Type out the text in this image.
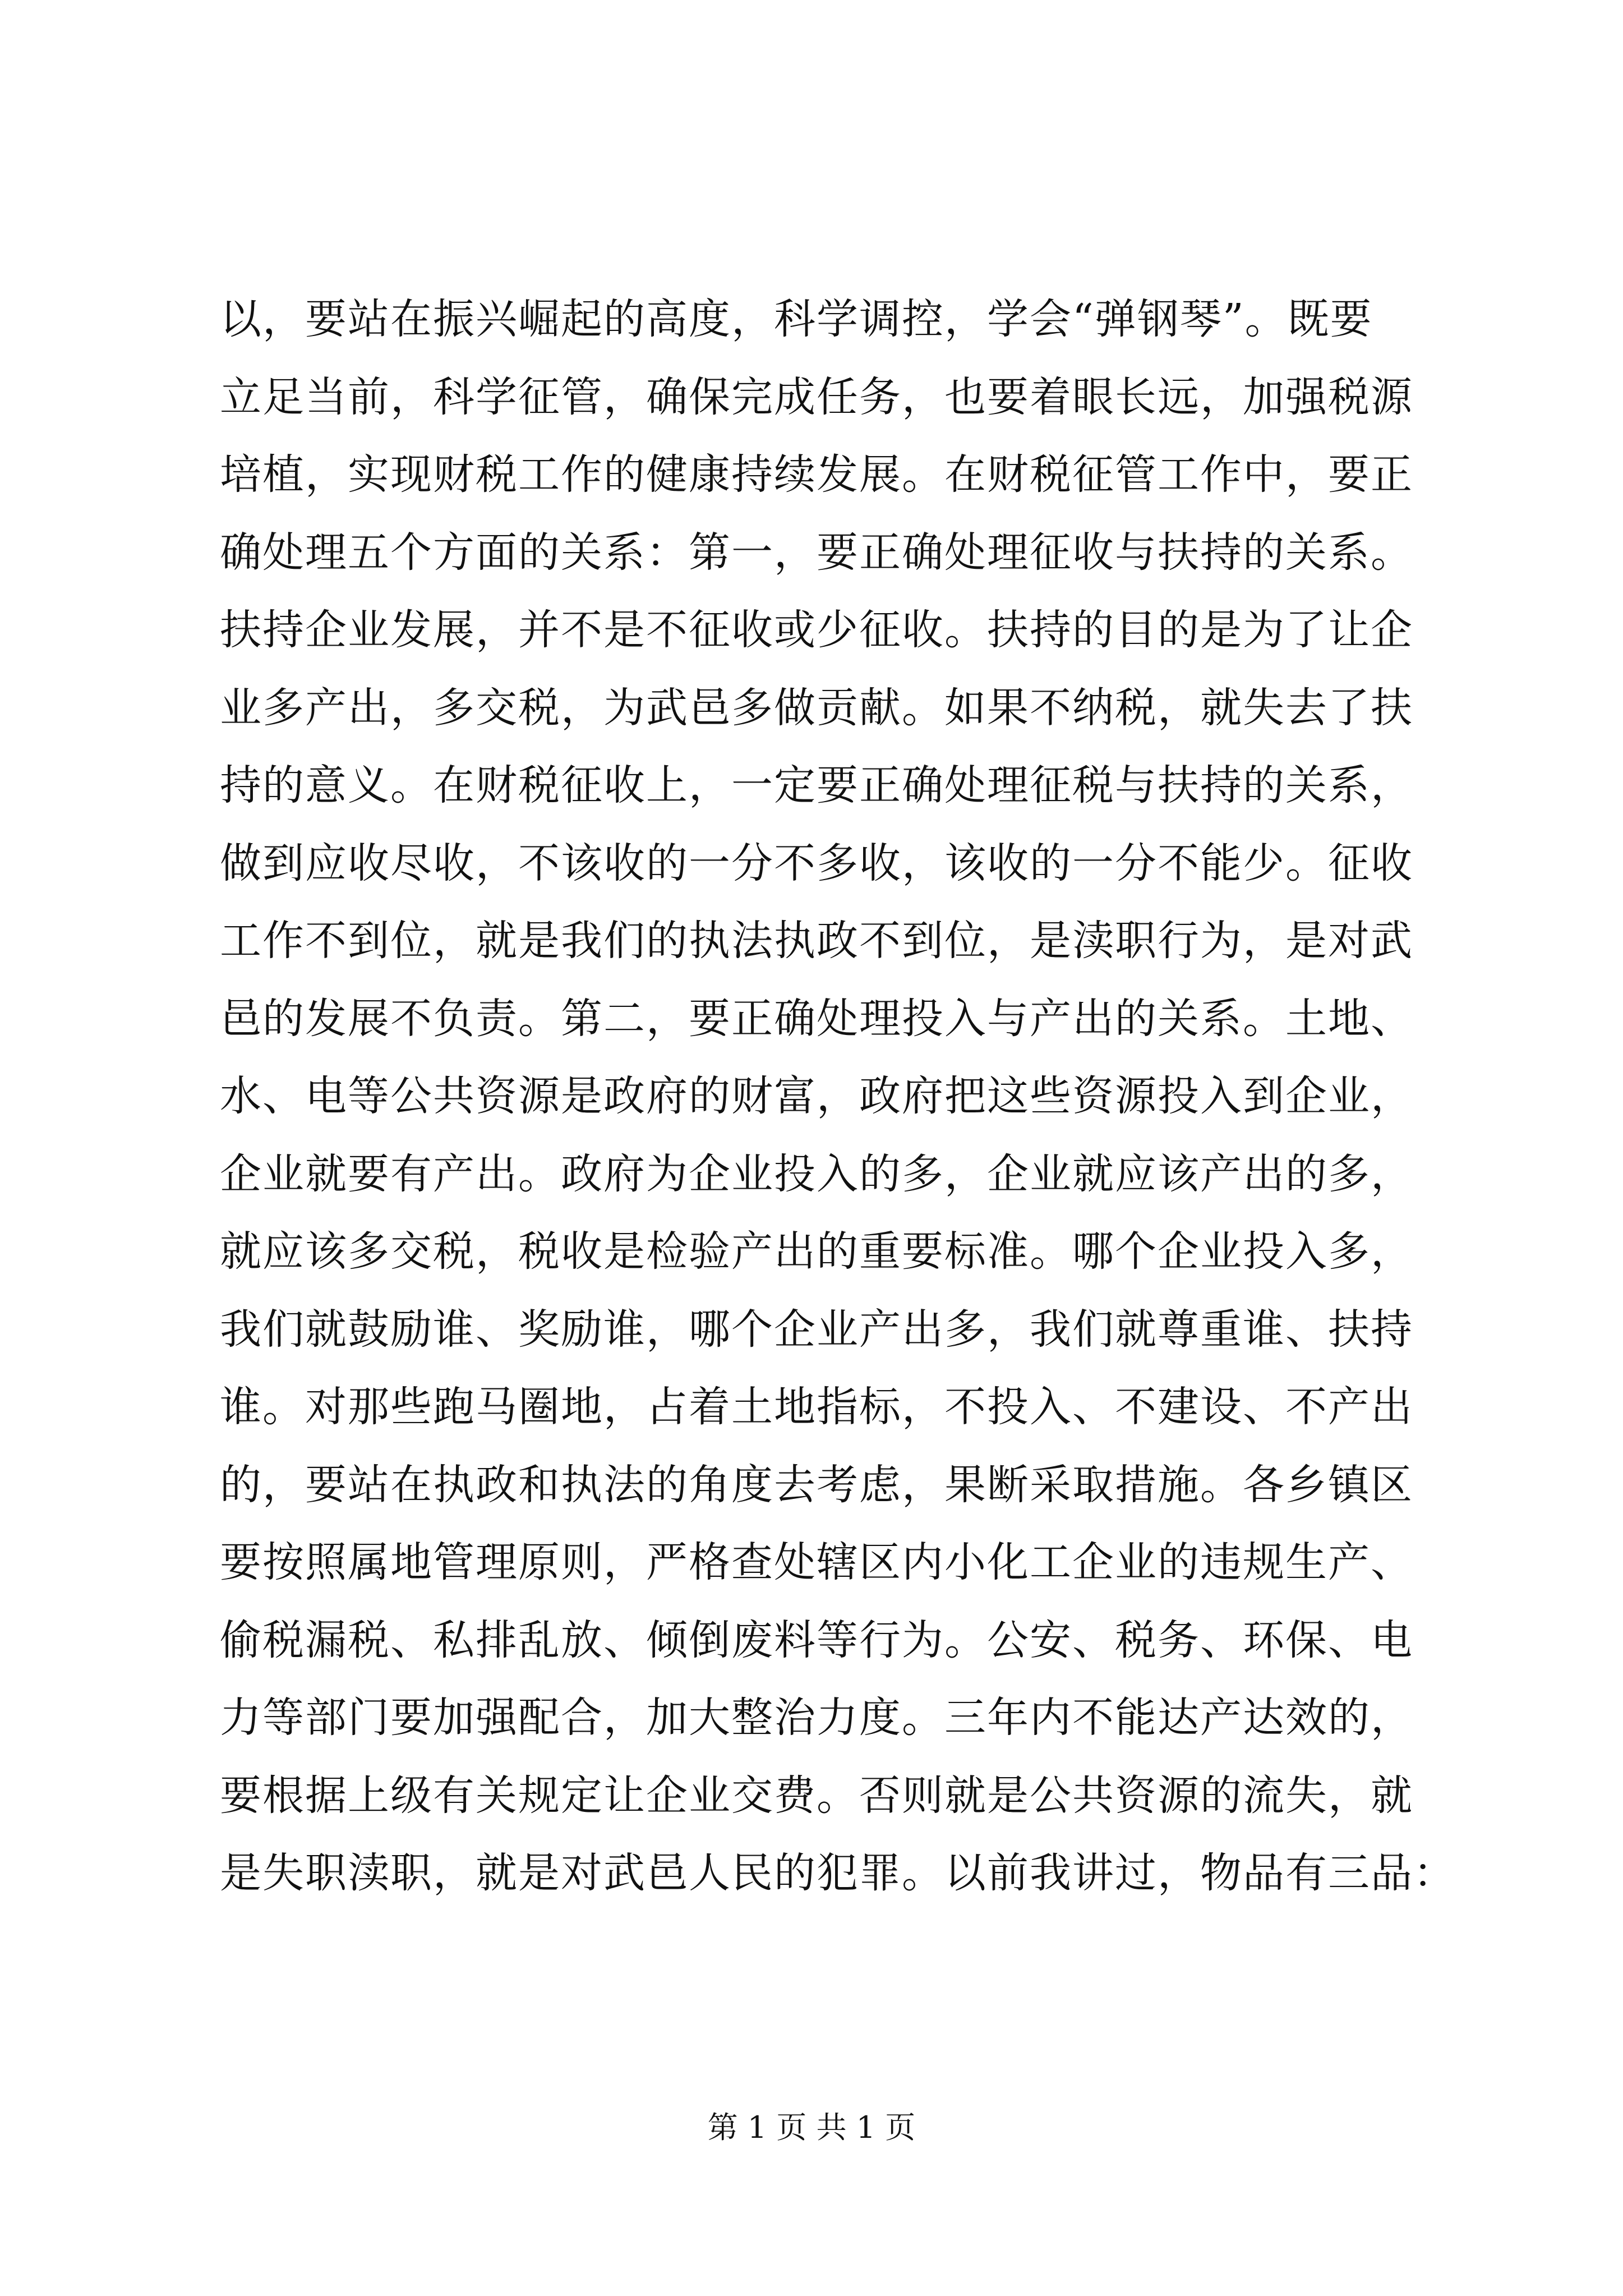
以，要站在振兴崛起的高度，科学调控，学会“弹钢琴”。既要
立足当前，科学征管，确保完成任务，也要着眼长远，加强税源
培植，实现财税工作的健康持续发展。在财税征管工作中，要正
确处理五个方面的关系：第一，要正确处理征收与扶持的关系。
扶持企业发展，并不是不征收或少征收。扶持的目的是为了让企
业多产出，多交税，为武邑多做贡献。如果不纳税，就失去了扶
持的意义。在财税征收上，一定要正确处理征税与扶持的关系，
做到应收尽收，不该收的一分不多收，该收的一分不能少。征收
工作不到位，就是我们的执法执政不到位，是渎职行为，是对武
邑的发展不负责。第二，要正确处理投入与产出的关系。土地、
水、电等公共资源是政府的财富，政府把这些资源投入到企业，
企业就要有产出。政府为企业投入的多，企业就应该产出的多，
就应该多交税，税收是检验产出的重要标准。哪个企业投入多，
我们就鼓励谁、奖励谁，哪个企业产出多，我们就尊重谁、扶持
谁。对那些跑马圈地，占着土地指标，不投入、不建设、不产出
的，要站在执政和执法的角度去考虑，果断采取措施。各乡镇区
要按照属地管理原则，严格查处辖区内小化工企业的违规生产、
偷税漏税、私排乱放、倾倒废料等行为。公安、税务、环保、电
力等部门要加强配合，加大整治力度。三年内不能达产达效的，
要根据上级有关规定让企业交费。否则就是公共资源的流失，就
是失职渎职，就是对武邑人民的犯罪。以前我讲过，物品有三品：
第 1 页 共 1 页
